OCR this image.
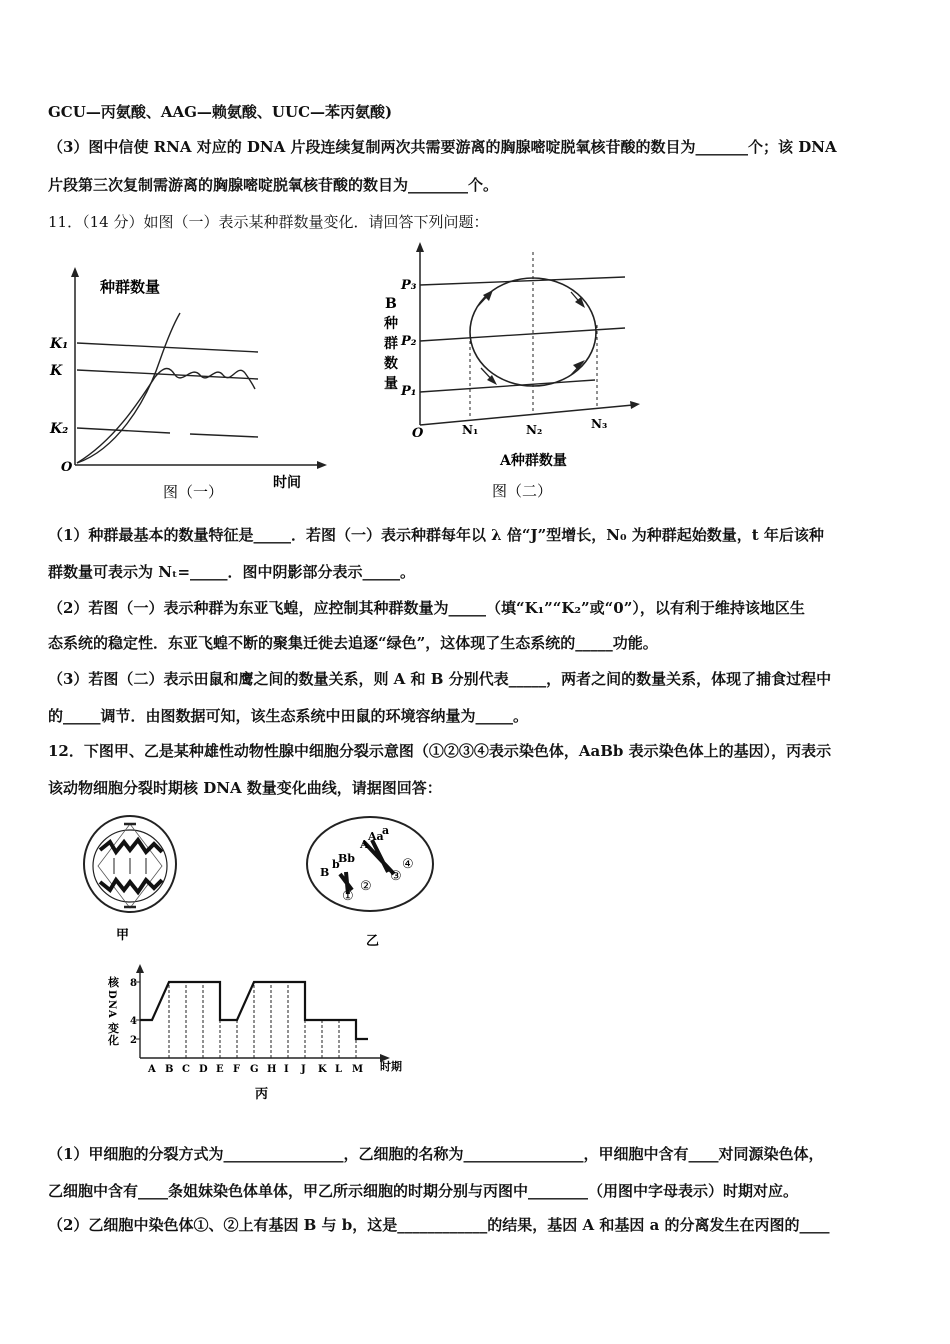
GCU—丙氨酸、AAG—赖氨酸、UUC—苯丙氨酸)
（3）图中信使 RNA 对应的 DNA 片段连续复制两次共需要游离的胸腺嘧啶脱氧核苷酸的数目为_______个；该 DNA
片段第三次复制需游离的胸腺嘧啶脱氧核苷酸的数目为________个。
11．（14 分）如图（一）表示某种群数量变化．请回答下列问题：
种群数量
K₁
K
K₂
O
图（一）	时间
P₃
P₂
P₁
B
种
群
数
量
O	N₁	N₂	N₃
A种群数量
图（二）
（1）种群最基本的数量特征是_____．若图（一）表示种群每年以 λ 倍“J”型增长，N₀ 为种群起始数量，t 年后该种
群数量可表示为 Nₜ=_____．图中阴影部分表示_____。
（2）若图（一）表示种群为东亚飞蝗，应控制其种群数量为_____（填“K₁”“K₂”或“0”），以有利于维持该地区生
态系统的稳定性．东亚飞蝗不断的聚集迁徙去追逐“绿色”，这体现了生态系统的_____功能。
（3）若图（二）表示田鼠和鹰之间的数量关系，则 A 和 B 分别代表_____，两者之间的数量关系，体现了捕食过程中
的_____调节．由图数据可知，该生态系统中田鼠的环境容纳量为_____。
12．下图甲、乙是某种雄性动物性腺中细胞分裂示意图（①②③④表示染色体，AaBb 表示染色体上的基因），丙表示
该动物细胞分裂时期核 DNA 数量变化曲线，请据图回答：
甲
B
b
Bb
A
Aa
a
①
②
③
④
乙
A B C D E F G H I J K L M
2
4
8
核
D
N
A
变
化
时期
丙
（1）甲细胞的分裂方式为________________，乙细胞的名称为________________，甲细胞中含有____对同源染色体，
乙细胞中含有____条姐妹染色体单体，甲乙所示细胞的时期分别与丙图中________（用图中字母表示）时期对应。
（2）乙细胞中染色体①、②上有基因 B 与 b，这是____________的结果，基因 A 和基因 a 的分离发生在丙图的____
